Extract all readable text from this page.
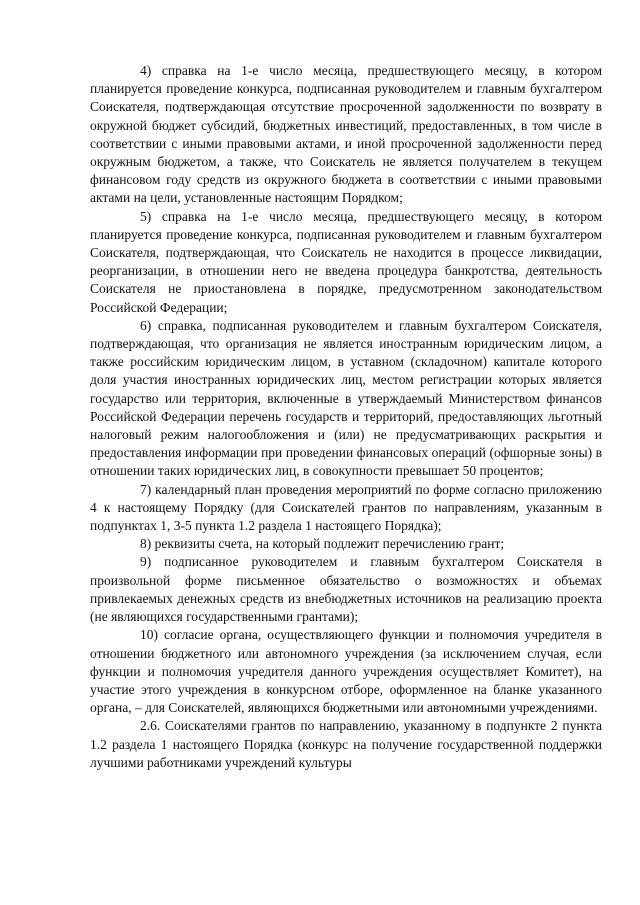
4) справка на 1-е число месяца, предшествующего месяцу, в котором планируется проведение конкурса, подписанная руководителем и главным бухгалтером Соискателя, подтверждающая отсутствие просроченной задолженности по возврату в окружной бюджет субсидий, бюджетных инвестиций, предоставленных, в том числе в соответствии с иными правовыми актами, и иной просроченной задолженности перед окружным бюджетом, а также, что Соискатель не является получателем в текущем финансовом году средств из окружного бюджета в соответствии с иными правовыми актами на цели, установленные настоящим Порядком;

5) справка на 1-е число месяца, предшествующего месяцу, в котором планируется проведение конкурса, подписанная руководителем и главным бухгалтером Соискателя, подтверждающая, что Соискатель не находится в процессе ликвидации, реорганизации, в отношении него не введена процедура банкротства, деятельность Соискателя не приостановлена в порядке, предусмотренном законодательством Российской Федерации;

6) справка, подписанная руководителем и главным бухгалтером Соискателя, подтверждающая, что организация не является иностранным юридическим лицом, а также российским юридическим лицом, в уставном (складочном) капитале которого доля участия иностранных юридических лиц, местом регистрации которых является государство или территория, включенные в утверждаемый Министерством финансов Российской Федерации перечень государств и территорий, предоставляющих льготный налоговый режим налогообложения и (или) не предусматривающих раскрытия и предоставления информации при проведении финансовых операций (офшорные зоны) в отношении таких юридических лиц, в совокупности превышает 50 процентов;

7) календарный план проведения мероприятий по форме согласно приложению 4 к настоящему Порядку (для Соискателей грантов по направлениям, указанным в подпунктах 1, 3-5 пункта 1.2 раздела 1 настоящего Порядка);

8) реквизиты счета, на который подлежит перечислению грант;

9) подписанное руководителем и главным бухгалтером Соискателя в произвольной форме письменное обязательство о возможностях и объемах привлекаемых денежных средств из внебюджетных источников на реализацию проекта (не являющихся государственными грантами);

10) согласие органа, осуществляющего функции и полномочия учредителя в отношении бюджетного или автономного учреждения (за исключением случая, если функции и полномочия учредителя данного учреждения осуществляет Комитет), на участие этого учреждения в конкурсном отборе, оформленное на бланке указанного органа, – для Соискателей, являющихся бюджетными или автономными учреждениями.

2.6. Соискателями грантов по направлению, указанному в подпункте 2 пункта 1.2 раздела 1 настоящего Порядка (конкурс на получение государственной поддержки лучшими работниками учреждений культуры
